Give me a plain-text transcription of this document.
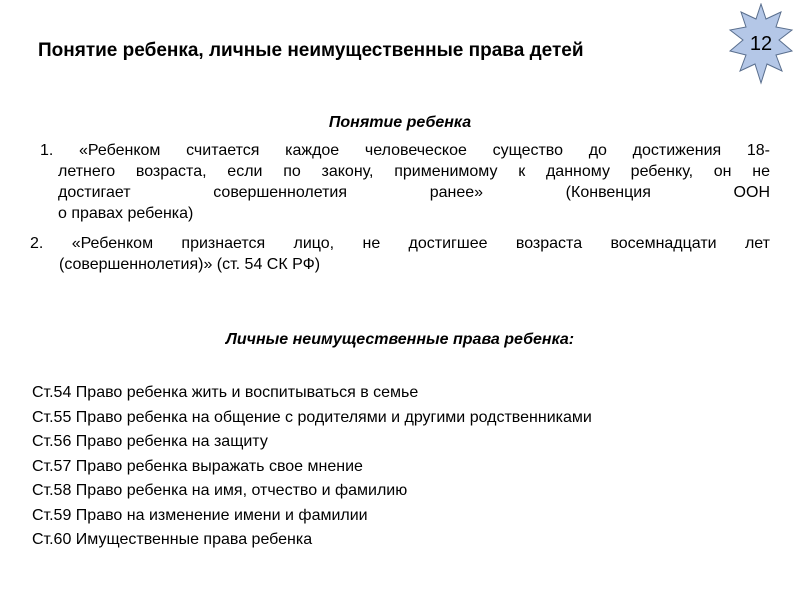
Понятие ребенка, личные неимущественные права детей	12
Понятие ребенка
1. «Ребенком считается каждое человеческое существо до достижения 18-
летнего возраста, если по закону, применимому к данному ребенку, он не
достигает совершеннолетия ранее» (Конвенция ООН
о правах ребенка)
2. «Ребенком признается лицо, не достигшее возраста восемнадцати лет
(совершеннолетия)» (ст. 54 СК РФ)
Личные неимущественные права ребенка:
Ст.54 Право ребенка жить и воспитываться в семье
Ст.55 Право ребенка на общение с родителями и другими родственниками
Ст.56 Право ребенка на защиту
Ст.57 Право ребенка выражать свое мнение
Ст.58 Право ребенка на имя, отчество и фамилию
Ст.59 Право на изменение имени и фамилии
Ст.60 Имущественные права ребенка
